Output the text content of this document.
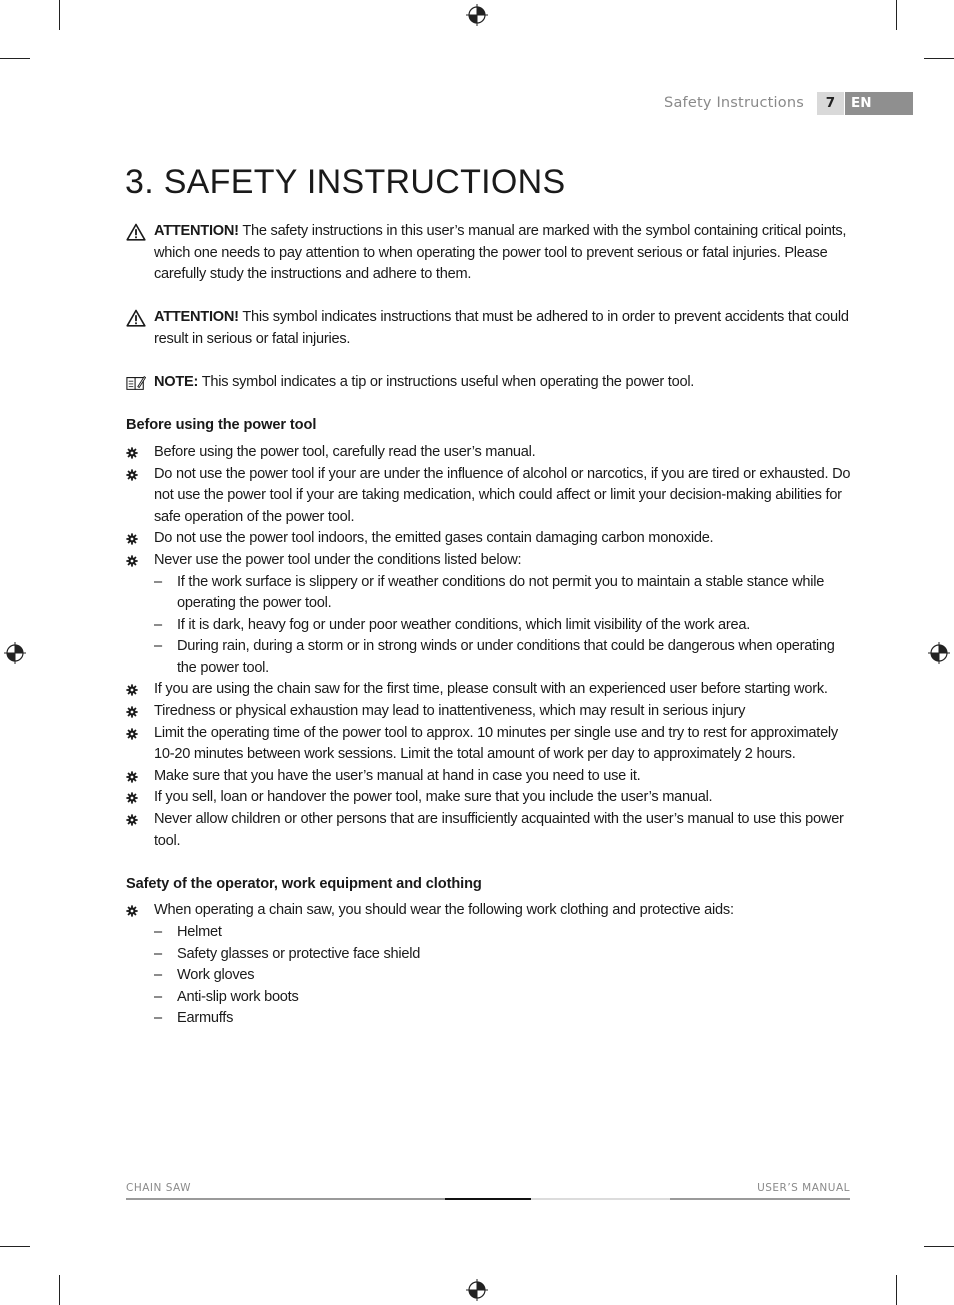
Safety Instructions	7	EN
3. SAFETY INSTRUCTIONS
ATTENTION! The safety instructions in this user’s manual are marked with the symbol containing critical points, which one needs to pay attention to when operating the power tool to prevent serious or fatal injuries. Please carefully study the instructions and adhere to them.
ATTENTION! This symbol indicates instructions that must be adhered to in order to prevent accidents that could result in serious or fatal injuries.
NOTE: This symbol indicates a tip or instructions useful when operating the power tool.
Before using the power tool
Before using the power tool, carefully read the user’s manual.
Do not use the power tool if your are under the influence of alcohol or narcotics, if you are tired or exhausted. Do not use the power tool if your are taking medication, which could affect or limit your decision-making abilities for safe operation of the power tool.
Do not use the power tool indoors, the emitted gases contain damaging carbon monoxide.
Never use the power tool under the conditions listed below:
– If the work surface is slippery or if weather conditions do not permit you to maintain a stable stance while operating the power tool.
– If it is dark, heavy fog or under poor weather conditions, which limit visibility of the work area.
– During rain, during a storm or in strong winds or under conditions that could be dangerous when operating the power tool.
If you are using the chain saw for the first time, please consult with an experienced user before starting work.
Tiredness or physical exhaustion may lead to inattentiveness, which may result in serious injury
Limit the operating time of the power tool to approx. 10 minutes per single use and try to rest for approximately 10-20 minutes between work sessions. Limit the total amount of work per day to approximately 2 hours.
Make sure that you have the user’s manual at hand in case you need to use it.
If you sell, loan or handover the power tool, make sure that you include the user’s manual.
Never allow children or other persons that are insufficiently acquainted with the user’s manual to use this power tool.
Safety of the operator, work equipment and clothing
When operating a chain saw, you should wear the following work clothing and protective aids:
– Helmet
– Safety glasses or protective face shield
– Work gloves
– Anti-slip work boots
– Earmuffs
CHAIN SAW	USER’S MANUAL
